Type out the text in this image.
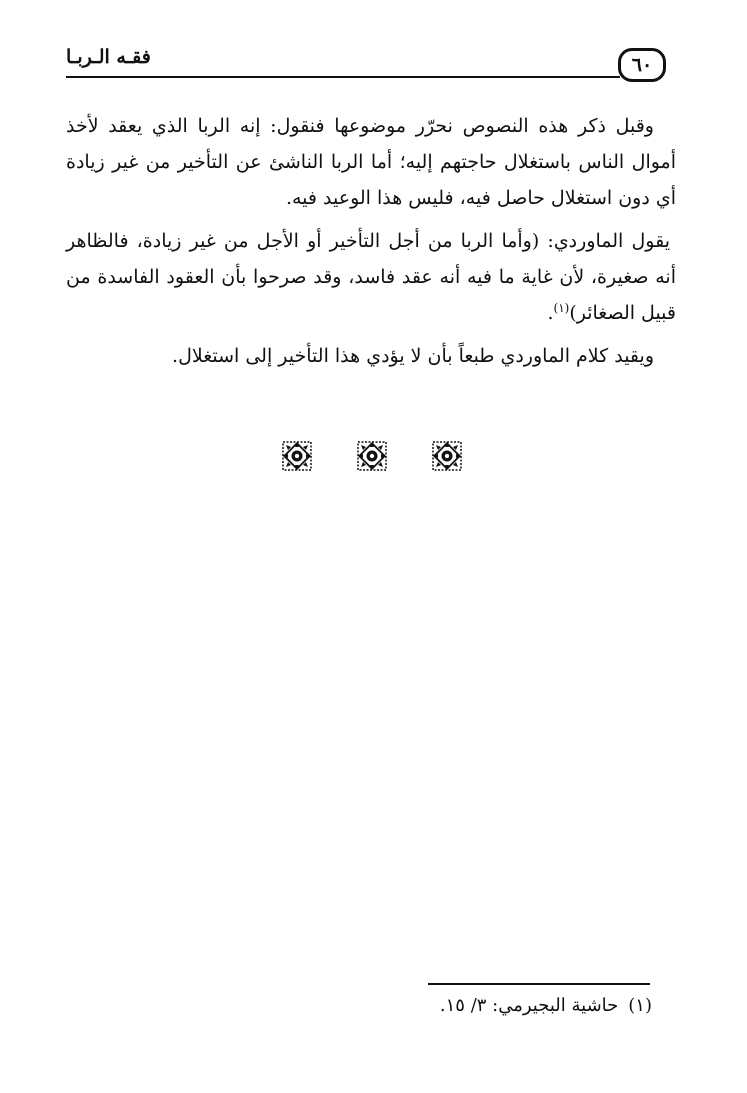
فقـه الـربـا	٦٠

وقبل ذكر هذه النصوص نحرّر موضوعها فنقول: إنه الربا الذي يعقد لأخذ أموال الناس باستغلال حاجتهم إليه؛ أما الربا الناشئ عن التأخير من غير زيادة أي دون استغلال حاصل فيه، فليس هذا الوعيد فيه.

يقول الماوردي: (وأما الربا من أجل التأخير أو الأجل من غير زيادة، فالظاهر أنه صغيرة، لأن غاية ما فيه أنه عقد فاسد، وقد صرحوا بأن العقود الفاسدة من قبيل الصغائر)$^{(١)}$.

ويقيد كلام الماوردي طبعاً بأن لا يؤدي هذا التأخير إلى استغلال.

(١)حاشية البجيرمي: ٣/ ١٥.
